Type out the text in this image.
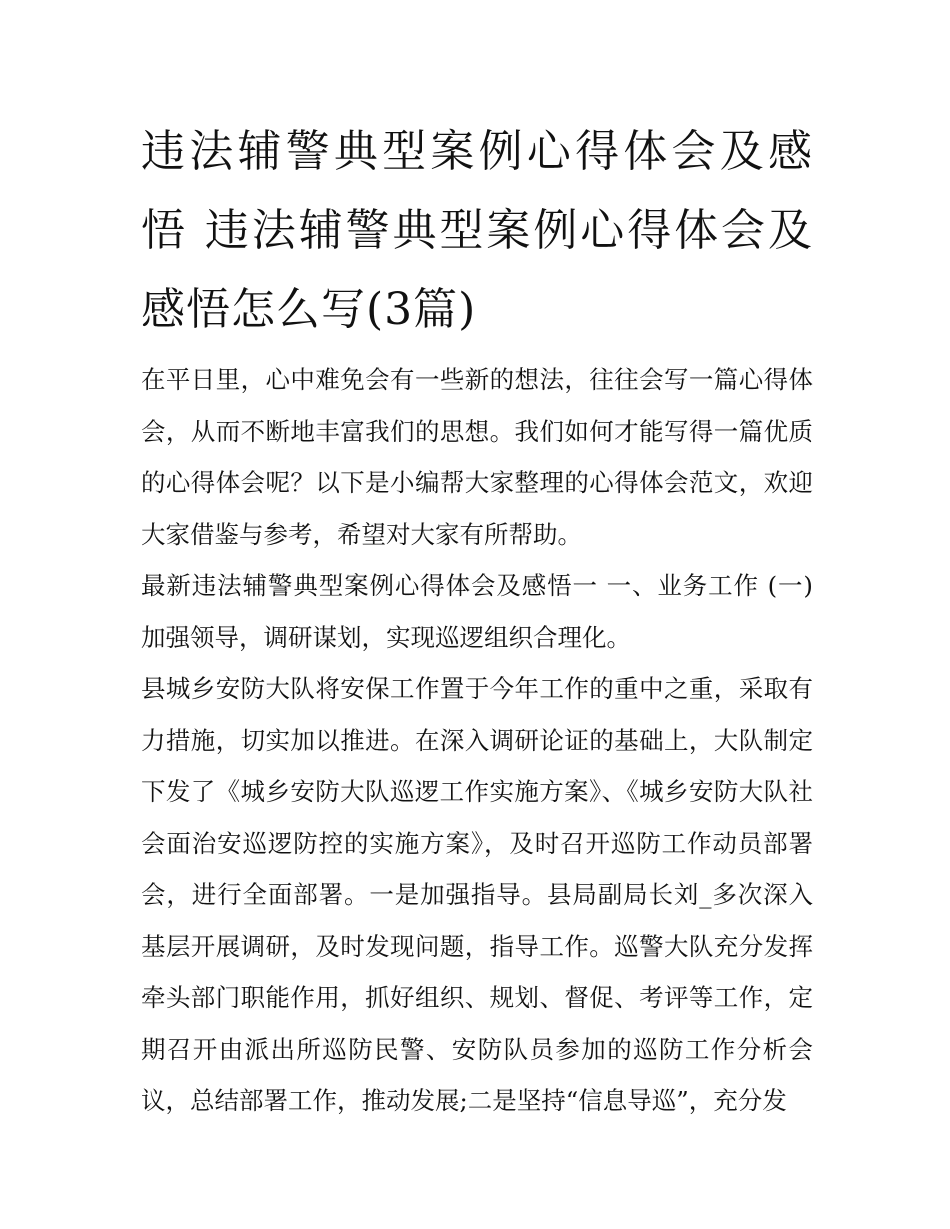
违法辅警典型案例心得体会及感悟 违法辅警典型案例心得体会及感悟怎么写(3篇)

在平日里，心中难免会有一些新的想法，往往会写一篇心得体会，从而不断地丰富我们的思想。我们如何才能写得一篇优质的心得体会呢？以下是小编帮大家整理的心得体会范文，欢迎大家借鉴与参考，希望对大家有所帮助。

最新违法辅警典型案例心得体会及感悟一 一、业务工作 (一) 加强领导，调研谋划，实现巡逻组织合理化。

县城乡安防大队将安保工作置于今年工作的重中之重，采取有力措施，切实加以推进。在深入调研论证的基础上，大队制定下发了《城乡安防大队巡逻工作实施方案》、《城乡安防大队社会面治安巡逻防控的实施方案》，及时召开巡防工作动员部署会，进行全面部署。一是加强指导。县局副局长刘_多次深入基层开展调研，及时发现问题，指导工作。巡警大队充分发挥牵头部门职能作用，抓好组织、规划、督促、考评等工作，定期召开由派出所巡防民警、安防队员参加的巡防工作分析会议，总结部署工作，推动发展;二是坚持“信息导巡”，充分发
